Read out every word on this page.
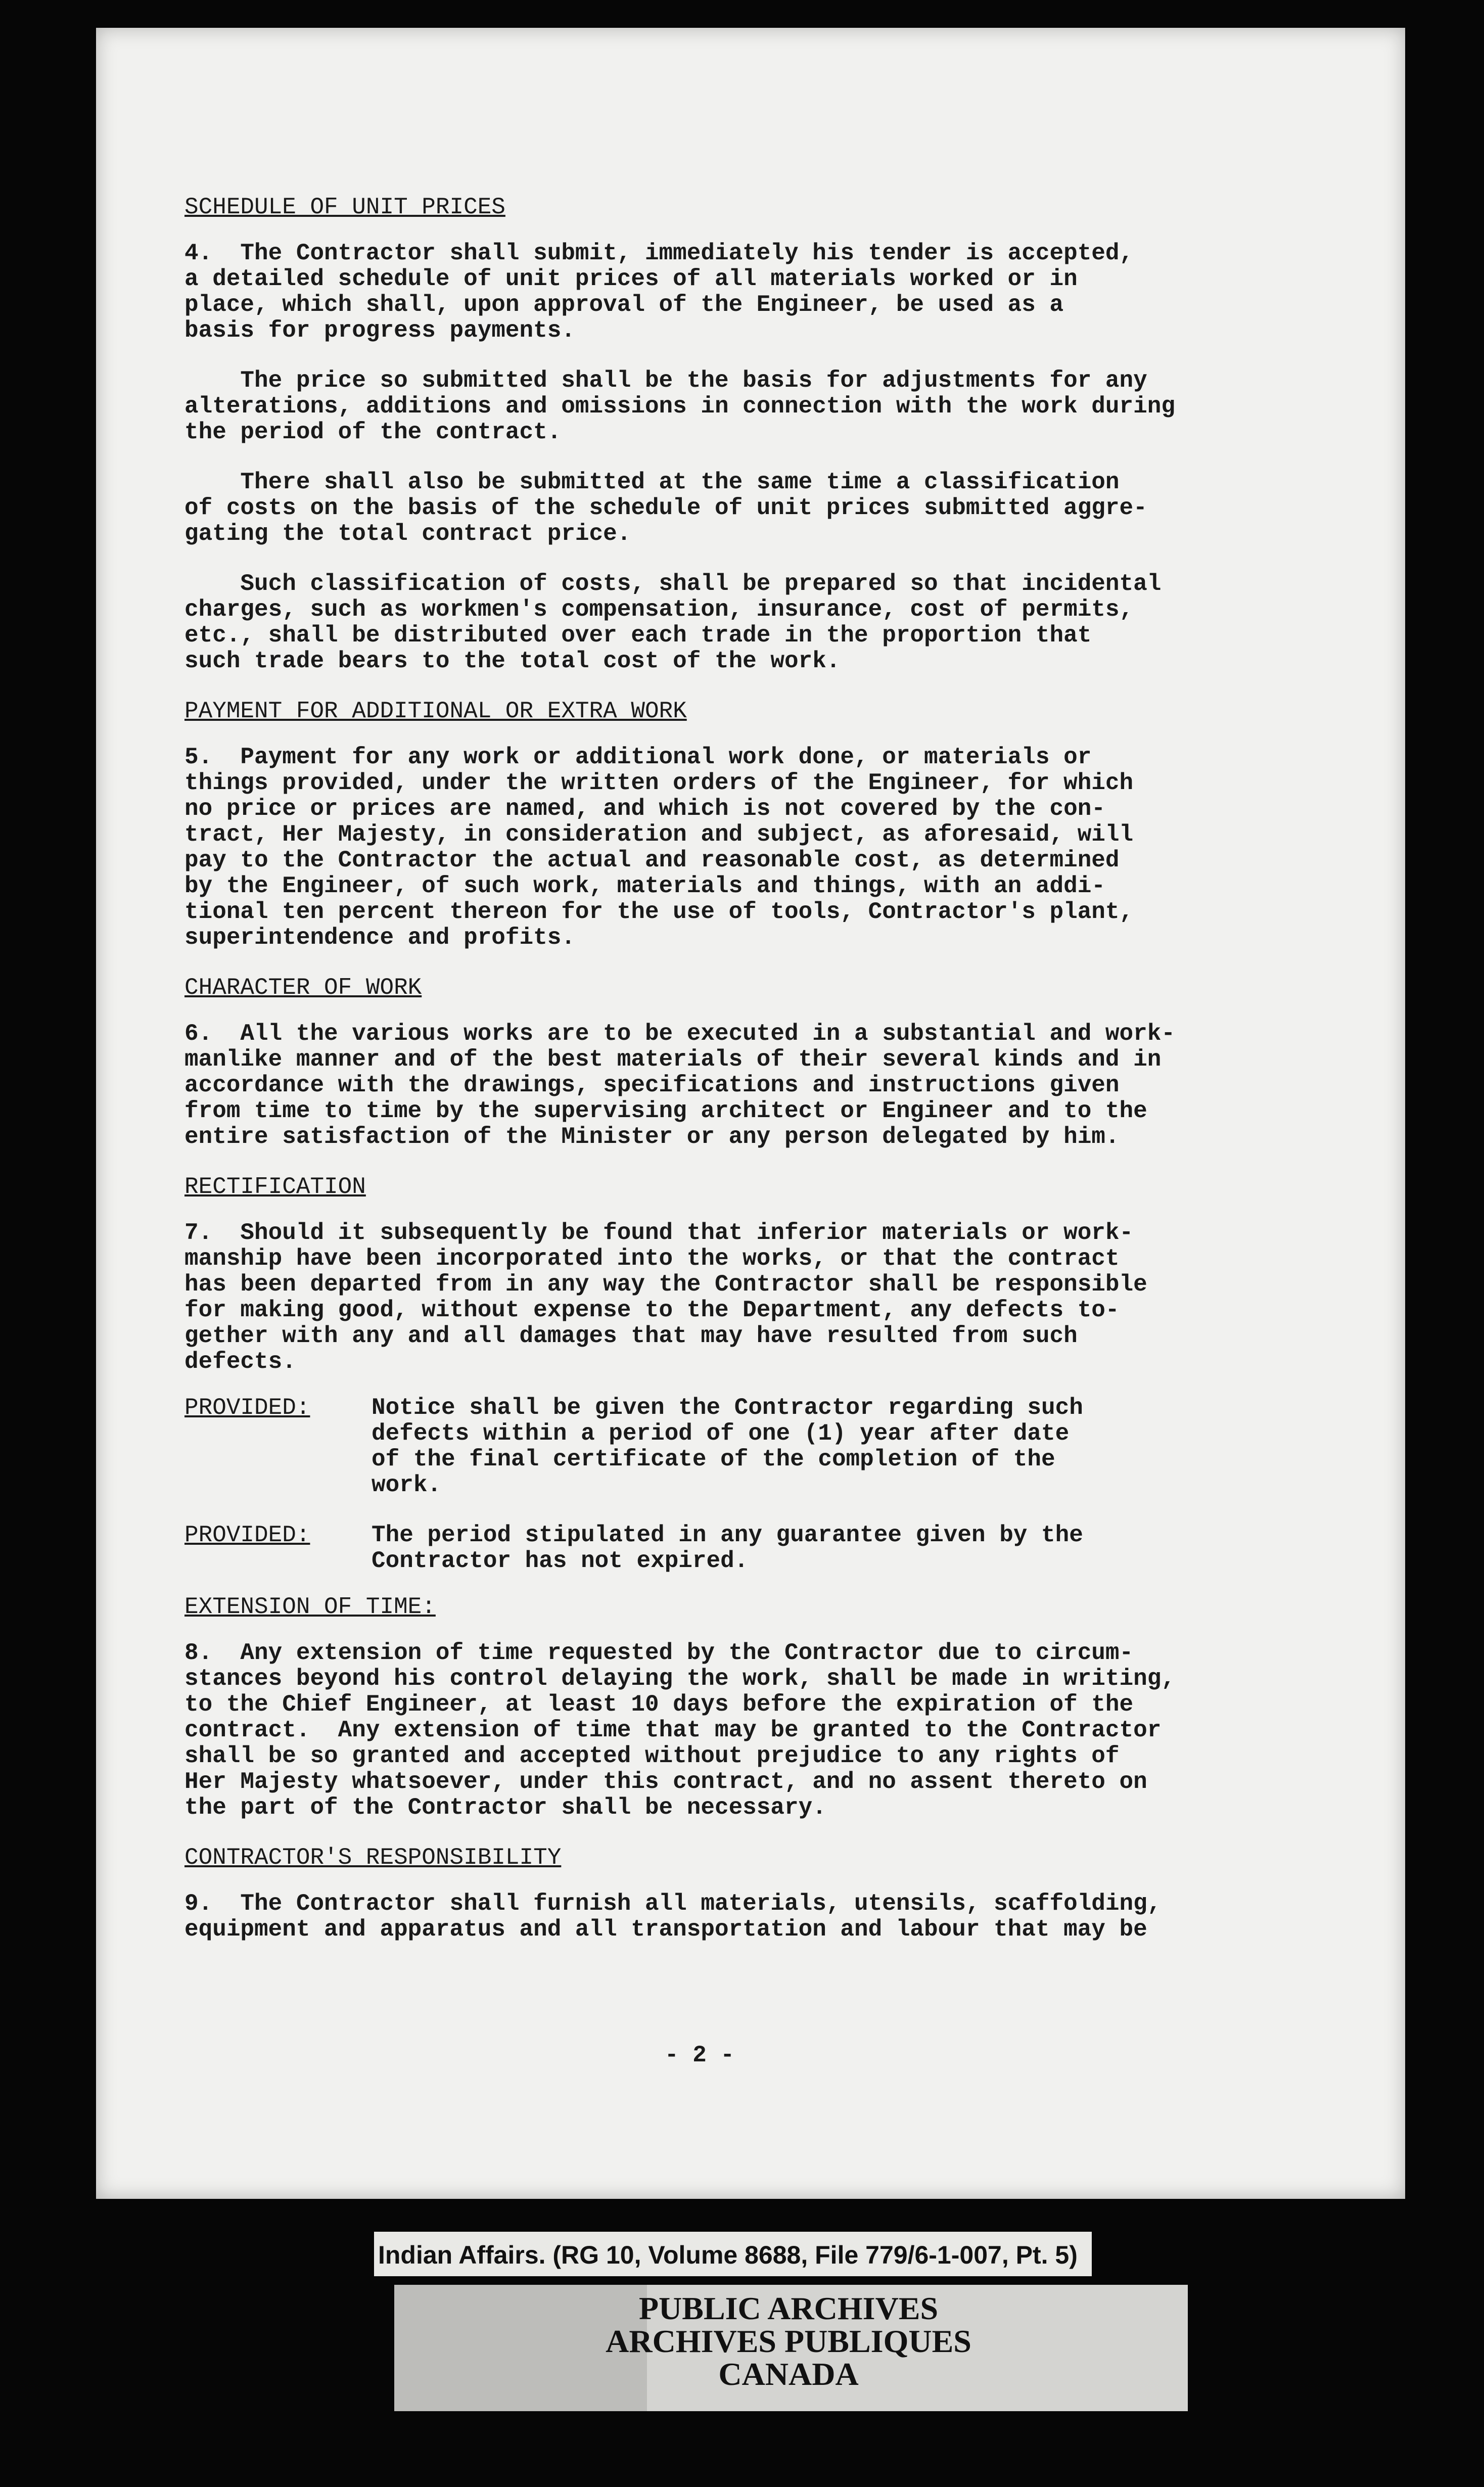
SCHEDULE OF UNIT PRICES

4.  The Contractor shall submit, immediately his tender is accepted,
a detailed schedule of unit prices of all materials worked or in
place, which shall, upon approval of the Engineer, be used as a
basis for progress payments.

The price so submitted shall be the basis for adjustments for any
alterations, additions and omissions in connection with the work during
the period of the contract.

There shall also be submitted at the same time a classification
of costs on the basis of the schedule of unit prices submitted aggre-
gating the total contract price.

Such classification of costs, shall be prepared so that incidental
charges, such as workmen's compensation, insurance, cost of permits,
etc., shall be distributed over each trade in the proportion that
such trade bears to the total cost of the work.

PAYMENT FOR ADDITIONAL OR EXTRA WORK

5.  Payment for any work or additional work done, or materials or
things provided, under the written orders of the Engineer, for which
no price or prices are named, and which is not covered by the con-
tract, Her Majesty, in consideration and subject, as aforesaid, will
pay to the Contractor the actual and reasonable cost, as determined
by the Engineer, of such work, materials and things, with an addi-
tional ten percent thereon for the use of tools, Contractor's plant,
superintendence and profits.

CHARACTER OF WORK

6.  All the various works are to be executed in a substantial and work-
manlike manner and of the best materials of their several kinds and in
accordance with the drawings, specifications and instructions given
from time to time by the supervising architect or Engineer and to the
entire satisfaction of the Minister or any person delegated by him.

RECTIFICATION

7.  Should it subsequently be found that inferior materials or work-
manship have been incorporated into the works, or that the contract
has been departed from in any way the Contractor shall be responsible
for making good, without expense to the Department, any defects to-
gether with any and all damages that may have resulted from such
defects.

PROVIDED:	Notice shall be given the Contractor regarding such
defects within a period of one (1) year after date
of the final certificate of the completion of the
work.
PROVIDED:	The period stipulated in any guarantee given by the
Contractor has not expired.

EXTENSION OF TIME:

8.  Any extension of time requested by the Contractor due to circum-
stances beyond his control delaying the work, shall be made in writing,
to the Chief Engineer, at least 10 days before the expiration of the
contract.  Any extension of time that may be granted to the Contractor
shall be so granted and accepted without prejudice to any rights of
Her Majesty whatsoever, under this contract, and no assent thereto on
the part of the Contractor shall be necessary.

CONTRACTOR'S RESPONSIBILITY

9.  The Contractor shall furnish all materials, utensils, scaffolding,
equipment and apparatus and all transportation and labour that may be

- 2 -
Indian Affairs. (RG 10, Volume 8688, File 779/6-1-007, Pt. 5)
PUBLIC ARCHIVES
ARCHIVES PUBLIQUES
CANADA
